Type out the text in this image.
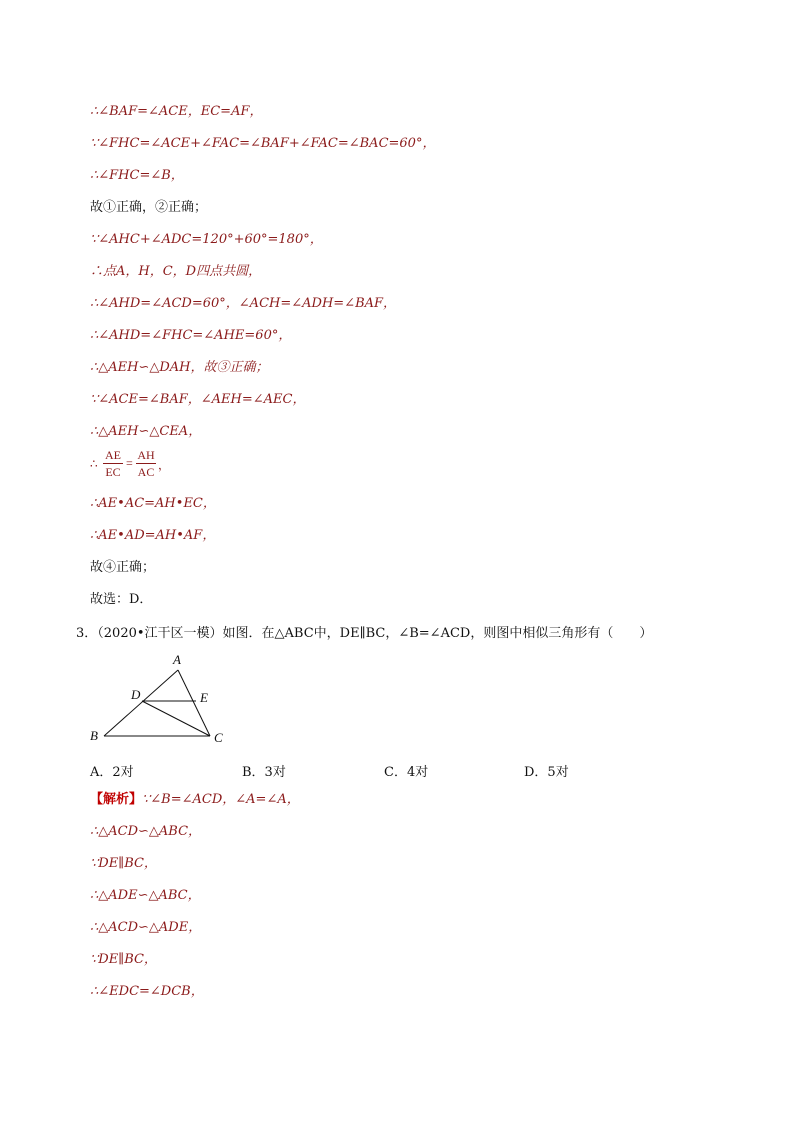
∴∠BAF=∠ACE，EC=AF，
∵∠FHC=∠ACE+∠FAC=∠BAF+∠FAC=∠BAC=60°，
∴∠FHC=∠B，
故①正确，②正确；
∵∠AHC+∠ADC=120°+60°=180°，
∴点A，H，C，D四点共圆，
∴∠AHD=∠ACD=60°，∠ACH=∠ADH=∠BAF，
∴∠AHD=∠FHC=∠AHE=60°，
∴△AEH∽△DAH，故③正确；
∵∠ACE=∠BAF，∠AEH=∠AEC，
∴△AEH∽△CEA，
∴
AE
EC
=
AH
AC ，
∴AE•AC=AH•EC，
∴AE•AD=AH•AF，
故④正确；
故选：D．
3．（2020•江干区一模）如图．在△ABC中，DE∥BC，∠B=∠ACD，则图中相似三角形有（　　）
A
D	E
B	C
A．2对	B．3对	C．4对	D．5对
【解析】∵∠B=∠ACD，∠A=∠A，
∴△ACD∽△ABC，
∵DE∥BC，
∴△ADE∽△ABC，
∴△ACD∽△ADE，
∵DE∥BC，
∴∠EDC=∠DCB，
